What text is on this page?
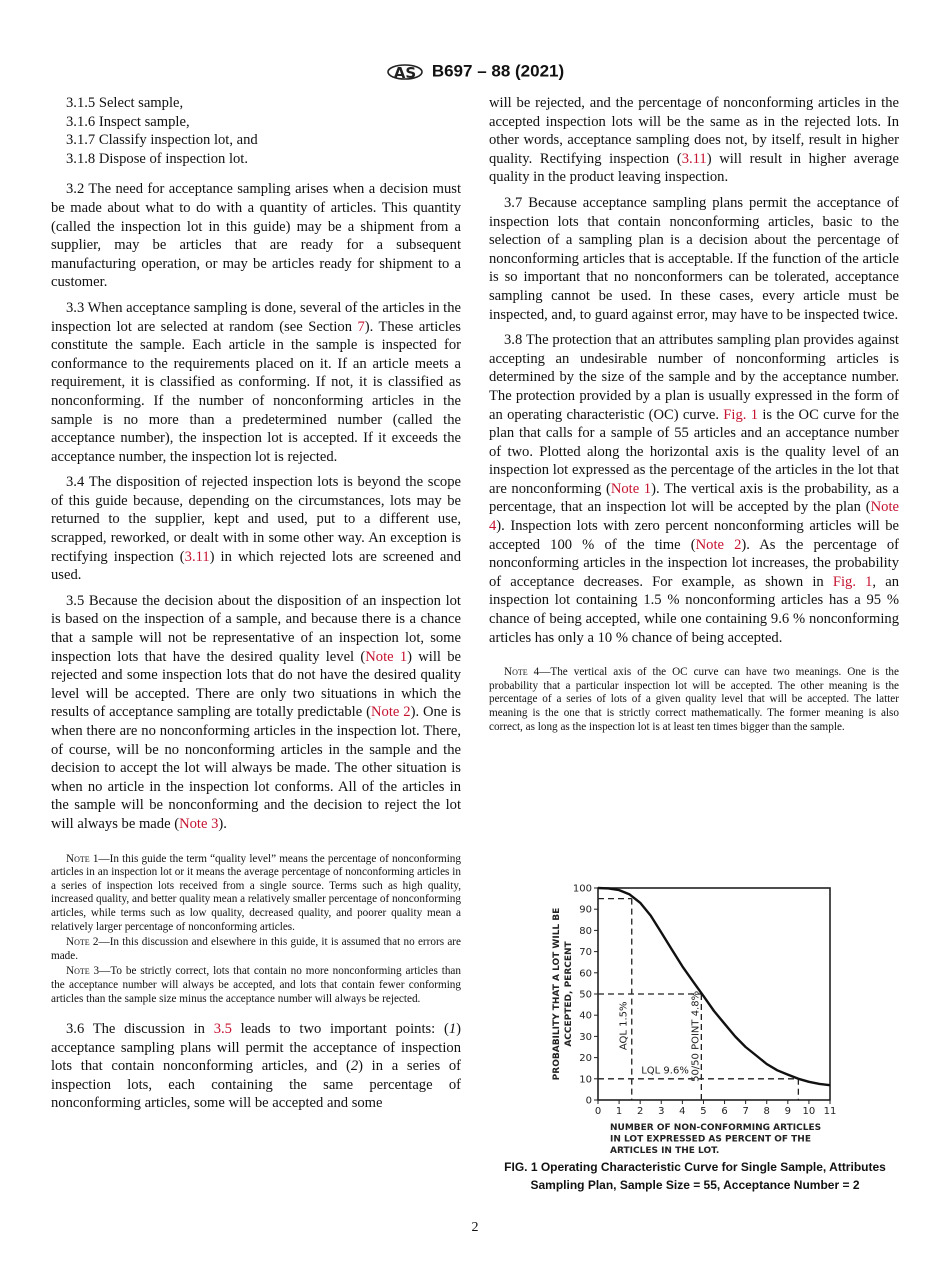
AS B697 – 88 (2021)

3.1.5 Select sample,

3.1.6 Inspect sample,

3.1.7 Classify inspection lot, and

3.1.8 Dispose of inspection lot.

3.2 The need for acceptance sampling arises when a decision must be made about what to do with a quantity of articles. This quantity (called the inspection lot in this guide) may be a shipment from a supplier, may be articles that are ready for a subsequent manufacturing operation, or may be articles ready for shipment to a customer.

3.3 When acceptance sampling is done, several of the articles in the inspection lot are selected at random (see Section 7). These articles constitute the sample. Each article in the sample is inspected for conformance to the requirements placed on it. If an article meets a requirement, it is classified as conforming. If not, it is classified as nonconforming. If the number of nonconforming articles in the sample is no more than a predetermined number (called the acceptance number), the inspection lot is accepted. If it exceeds the acceptance number, the inspection lot is rejected.

3.4 The disposition of rejected inspection lots is beyond the scope of this guide because, depending on the circumstances, lots may be returned to the supplier, kept and used, put to a different use, scrapped, reworked, or dealt with in some other way. An exception is rectifying inspection (3.11) in which rejected lots are screened and used.

3.5 Because the decision about the disposition of an inspection lot is based on the inspection of a sample, and because there is a chance that a sample will not be representative of an inspection lot, some inspection lots that have the desired quality level (Note 1) will be rejected and some inspection lots that do not have the desired quality level will be accepted. There are only two situations in which the results of acceptance sampling are totally predictable (Note 2). One is when there are no nonconforming articles in the inspection lot. There, of course, will be no nonconforming articles in the sample and the decision to accept the lot will always be made. The other situation is when no article in the inspection lot conforms. All of the articles in the sample will be nonconforming and the decision to reject the lot will always be made (Note 3).

Note 1—In this guide the term “quality level” means the percentage of nonconforming articles in an inspection lot or it means the average percentage of nonconforming articles in a series of inspection lots received from a single source. Terms such as high quality, increased quality, and better quality mean a relatively smaller percentage of nonconforming articles, while terms such as low quality, decreased quality, and poorer quality mean a relatively larger percentage of nonconforming articles.

Note 2—In this discussion and elsewhere in this guide, it is assumed that no errors are made.

Note 3—To be strictly correct, lots that contain no more nonconforming articles than the acceptance number will always be accepted, and lots that contain fewer conforming articles than the sample size minus the acceptance number will always be rejected.

3.6 The discussion in 3.5 leads to two important points: (1) acceptance sampling plans will permit the acceptance of inspection lots that contain nonconforming articles, and (2) in a series of inspection lots, each containing the same percentage of nonconforming articles, some will be accepted and some

will be rejected, and the percentage of nonconforming articles in the accepted inspection lots will be the same as in the rejected lots. In other words, acceptance sampling does not, by itself, result in higher quality. Rectifying inspection (3.11) will result in higher average quality in the product leaving inspection.

3.7 Because acceptance sampling plans permit the acceptance of inspection lots that contain nonconforming articles, basic to the selection of a sampling plan is a decision about the percentage of nonconforming articles that is acceptable. If the function of the article is so important that no nonconformers can be tolerated, acceptance sampling cannot be used. In these cases, every article must be inspected, and, to guard against error, may have to be inspected twice.

3.8 The protection that an attributes sampling plan provides against accepting an undesirable number of nonconforming articles is determined by the size of the sample and by the acceptance number. The protection provided by a plan is usually expressed in the form of an operating characteristic (OC) curve. Fig. 1 is the OC curve for the plan that calls for a sample of 55 articles and an acceptance number of two. Plotted along the horizontal axis is the quality level of an inspection lot expressed as the percentage of the articles in the lot that are nonconforming (Note 1). The vertical axis is the probability, as a percentage, that an inspection lot will be accepted by the plan (Note 4). Inspection lots with zero percent nonconforming articles will be accepted 100 % of the time (Note 2). As the percentage of nonconforming articles in the inspection lot increases, the probability of acceptance decreases. For example, as shown in Fig. 1, an inspection lot containing 1.5 % nonconforming articles has a 95 % chance of being accepted, while one containing 9.6 % nonconforming articles has only a 10 % chance of being accepted.

Note 4—The vertical axis of the OC curve can have two meanings. One is the probability that a particular inspection lot will be accepted. The other meaning is the percentage of a series of lots of a given quality level that will be accepted. The latter meaning is the one that is strictly correct mathematically. The former meaning is also correct, as long as the inspection lot is at least ten times bigger than the sample.

0 1 2 3 4 5 6 7 8 9 10 11
0
10
20
30
40
50
60
70
80
90
100
AQL 1.5%	50/50 POINT 4.8%
LQL 9.6%
PROBABILITY THAT A LOT WILL BE ACCEPTED, PERCENT
NUMBER OF NON-CONFORMING ARTICLES
IN LOT EXPRESSED AS PERCENT OF THE
ARTICLES IN THE LOT.
FIG. 1 Operating Characteristic Curve for Single Sample, Attributes Sampling Plan, Sample Size = 55, Acceptance Number = 2
2
